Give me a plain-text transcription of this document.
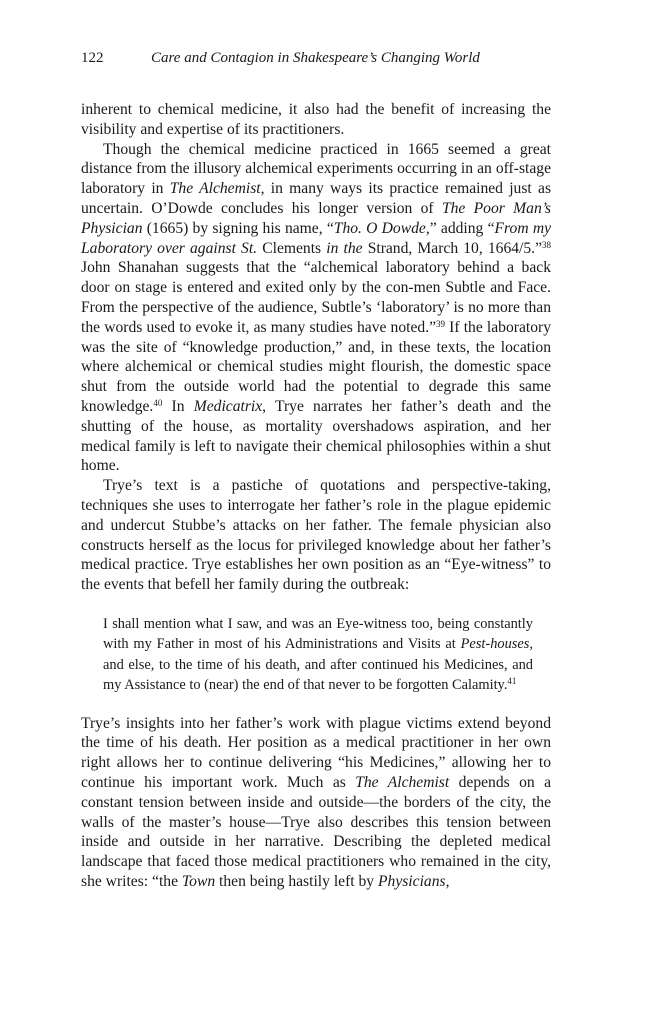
122	Care and Contagion in Shakespeare’s Changing World

inherent to chemical medicine, it also had the benefit of increasing the visibility and expertise of its practitioners.

Though the chemical medicine practiced in 1665 seemed a great distance from the illusory alchemical experiments occurring in an off-stage laboratory in The Alchemist, in many ways its practice remained just as uncertain. O’Dowde concludes his longer version of The Poor Man’s Physician (1665) by signing his name, “Tho. O Dowde,” adding “From my Laboratory over against St. Clements in the Strand, March 10, 1664/5.”$^{38}$ John Shanahan suggests that the “alchemical laboratory behind a back door on stage is entered and exited only by the con-men Subtle and Face. From the perspective of the audience, Subtle’s ‘laboratory’ is no more than the words used to evoke it, as many studies have noted.”$^{39}$ If the laboratory was the site of “knowledge production,” and, in these texts, the location where alchemical or chemical studies might flourish, the domestic space shut from the outside world had the potential to degrade this same knowledge.$^{40}$ In Medicatrix, Trye narrates her father’s death and the shutting of the house, as mortality overshadows aspiration, and her medical family is left to navigate their chemical philosophies within a shut home.

Trye’s text is a pastiche of quotations and perspective-taking, techniques she uses to interrogate her father’s role in the plague epidemic and undercut Stubbe’s attacks on her father. The female physician also constructs herself as the locus for privileged knowledge about her father’s medical practice. Trye establishes her own position as an “Eye-witness” to the events that befell her family during the outbreak:

I shall mention what I saw, and was an Eye-witness too, being constantly with my Father in most of his Administrations and Visits at Pest-houses, and else, to the time of his death, and after continued his Medicines, and my Assistance to (near) the end of that never to be forgotten Calamity.$^{41}$

Trye’s insights into her father’s work with plague victims extend beyond the time of his death. Her position as a medical practitioner in her own right allows her to continue delivering “his Medicines,” allowing her to continue his important work. Much as The Alchemist depends on a constant tension between inside and outside—the borders of the city, the walls of the master’s house—Trye also describes this tension between inside and outside in her narrative. Describing the depleted medical landscape that faced those medical practitioners who remained in the city, she writes: “the Town then being hastily left by Physicians,
